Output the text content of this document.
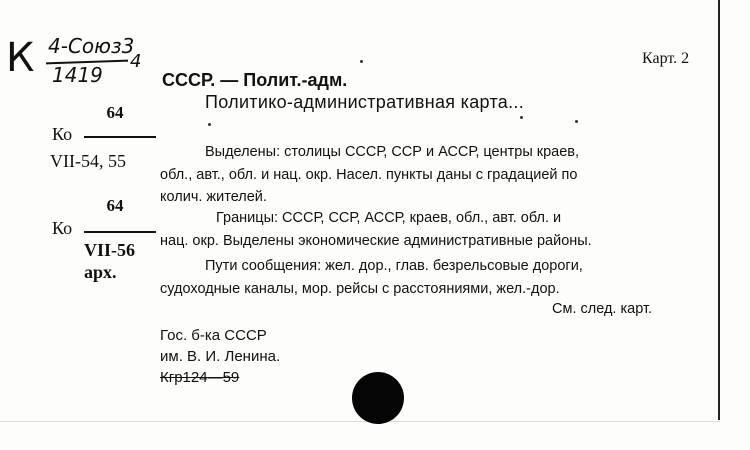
К 4-Союз3
1419
4	Карт. 2
СССР. — Полит.-адм.
Политико-административная карта...
64
Ко
VII-54, 55
64
Ко
VII-56
арх.
Выделены: столицы СССР, ССР и АССР, центры краев,
обл., авт., обл. и нац. окр. Насел. пункты даны с градацией по
колич. жителей.
Границы: СССР, ССР, АССР, краев, обл., авт. обл. и
нац. окр. Выделены экономические административные районы.
Пути сообщения: жел. дор., глав. безрельсовые дороги,
судоходные каналы, мор. рейсы с расстояниями, жел.-дор.
См. след. карт.
Гос. б-ка СССР
им. В. И. Ленина.
Кгр124—59
